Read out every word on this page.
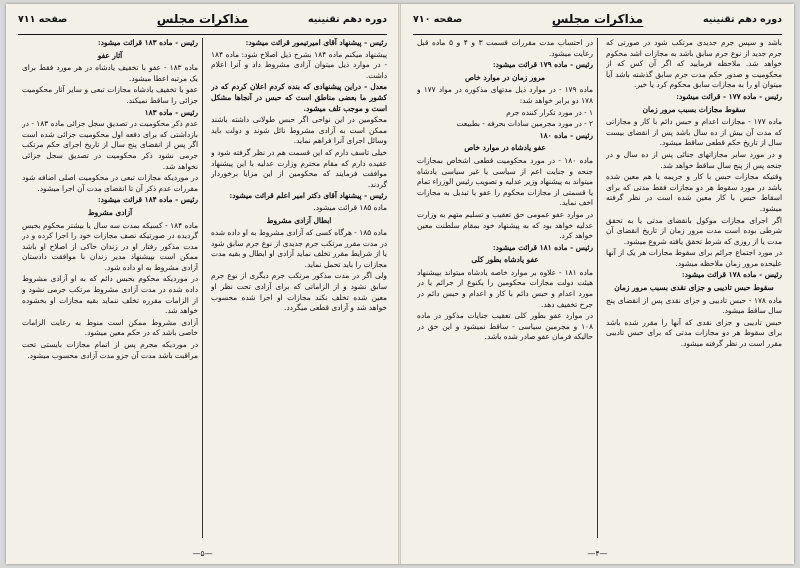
دوره دهم تقنینیه
مذاکرات مجلس
صفحه ۷۱۱

رئیس - پیشنهاد آقای امیرتیمور قرائت میشود:

پیشنهاد میکنم ماده ۱۸۴ بشرح ذیل اصلاح شود: ماده ۱۸۴ - در موارد ذیل میتوان آزادی مشروط داد و آنرا اعلام داشت.

معدل - دراین پیشنهادی که بنده کردم اعلان کردم که در کشور ما بعضی مناطق است که حبس در آنجاها مشکل است و موجب تلف میشود.

محکومین در این نواحی اگر حبس طولانی داشته باشند ممکن است به آزادی مشروط نائل شوند و دولت باید وسائل اجرای آنرا فراهم نماید.

خیلی تاسف دارم که این قسمت هم در نظر گرفته شود و عقیده دارم که مقام محترم وزارت عدلیه با این پیشنهاد موافقت فرمایند که محکومین از این مزایا برخوردار گردند.

رئیس - پیشنهاد آقای دکتر امیر اعلم قرائت میشود:

ماده ۱۸۵ قرائت میشود.

ابطال آزادی مشروط

ماده ۱۸۵ - هرگاه کسی که آزادی مشروط به او داده شده در مدت مقرر مرتکب جرم جدیدی از نوع جرم سابق شود یا از شرایط مقرر تخلف نماید آزادی او ابطال و بقیه مدت مجازات را باید تحمل نماید.

ولی اگر در مدت مذکور مرتکب جرم دیگری از نوع جرم سابق نشود و از الزاماتی که برای آزادی تحت نظر او معین شده تخلف نکند مجازات او اجرا شده محسوب خواهد شد و آزادی قطعی میگردد.

رئیس - ماده ۱۸۳ قرائت میشود:

آثار عفو

ماده ۱۸۳ - عفو با تخفیف یادشاه در هر مورد فقط برای یک مرتبه اعطا میشود.

عفو یا تخفیف یادشاه مجازات تبعی و سایر آثار محکومیت جزائی را ساقط نمیکند.

رئیس - ماده ۱۸۳

عدم ذکر محکومیت در تصدیق سجل جزائی ماده ۱۸۳ - در بازداشتی که برای دفعه اول محکومیت جزائی شده است اگر پس از انقضای پنج سال از تاریخ اجرای حکم مرتکب جرمی نشود ذکر محکومیت در تصدیق سجل جزائی نخواهد شد.

در موردیکه مجازات تبعی در محکومیت اصلی اضافه شود مقررات عدم ذکر آن تا انقضای مدت آن اجرا میشود.

رئیس - ماده ۱۸۴ قرائت میشود:

آزادی مشروط

ماده ۱۸۴ - کسیکه بمدت سه سال یا بیشتر محکوم بحبس گردیده در صورتیکه نصف مجازات خود را اجرا کرده و در مدت مذکور رفتار او در زندان حاکی از اصلاح او باشد ممکن است بپیشنهاد مدیر زندان با موافقت دادستان آزادی مشروط به او داده شود.

در موردیکه محکوم بحبس دائم که به او آزادی مشروط داده شده در مدت آزادی مشروط مرتکب جرمی نشود و از الزامات مقرره تخلف ننماید بقیه مجازات او بخشوده خواهد شد.

آزادی مشروط ممکن است منوط به رعایت الزامات خاصی باشد که در حکم معین میشود.

در موردیکه مجرم پس از اتمام مجازات بایستی تحت مراقبت باشد مدت آن جزو مدت آزادی محسوب میشود.

—۵—
دوره دهم تقنینیه
مذاکرات مجلس
صفحه ۷۱۰

باشد و سپس جرم جدیدی مرتکب شود در صورتی که جرم جدید از نوع جرم سابق باشد به مجازات اشد محکوم خواهد شد. ملاحظه فرمایید که اگر آن کس که از محکومیت و صدور حکم مدت جرم سابق گذشته باشد آیا میتوان او را به مجازات سابق محکوم کرد یا خیر.

رئیس - ماده ۱۷۷ - قرائت میشود:

سقوط مجازات بسبب مرور زمان

ماده ۱۷۷ - مجازات اعدام و حبس دائم با کار و مجازاتی که مدت آن بیش از ده سال باشد پس از انقضای بیست سال از تاریخ حکم قطعی ساقط میشود.

و در مورد سایر مجازاتهای جنائی پس از ده سال و در جنحه پس از پنج سال ساقط خواهد شد.

وقتیکه مجازات حبس با کار و جریمه یا هم معین شده باشد در مورد سقوط هر دو مجازات فقط مدتی که برای اسقاط حبس با کار معین شده است در نظر گرفته میشود.

اگر اجرای مجازات موکول بانقضای مدتی یا به تحقق شرطی بوده است مدت مرور زمان از تاریخ انقضای آن مدت یا از روزی که شرط تحقق یافته شروع میشود.

در مورد اجتماع جرائم برای سقوط مجازات هر یک از آنها علیحده مرور زمان ملاحظه میشود.

رئیس - ماده ۱۷۸ قرائت میشود:

سقوط حبس تادیبی و جزای نقدی بسبب مرور زمان

ماده ۱۷۸ - حبس تادیبی و جزای نقدی پس از انقضای پنج سال ساقط میشود.

حبس تادیبی و جزای نقدی که آنها را مقرر شده باشد برای سقوط هر دو مجازات مدتی که برای حبس تادیبی مقرر است در نظر گرفته میشود.

در احتساب مدت مقررات قسمت ۳ و ۴ و ۵ ماده قبل رعایت میشود.

رئیس - ماده ۱۷۹ قرائت میشود:

مرور زمان در موارد خاص

ماده ۱۷۹ - در موارد ذیل مدتهای مذکوره در مواد ۱۷۷ و ۱۷۸ دو برابر خواهد شد:

۱ - در مورد تکرار کننده جرم

۲ - در مورد مجرمین سادات بحرفه - بطبیعت

رئیس - ماده ۱۸۰

عفو یادشاه در موارد خاص

ماده ۱۸۰ - در مورد محکومیت قطعی اشخاص بمجازات جنحه و جنایت اعم از سیاسی یا غیر سیاسی یادشاه میتواند به پیشنهاد وزیر عدلیه و تصویب رئیس الوزراء تمام یا قسمتی از مجازات محکوم را عفو یا تبدیل به مجازات اخف نماید.

در موارد عفو عمومی حق تعقیب و تسلیم متهم به وزارت عدلیه خواهد بود که به پیشنهاد خود بمقام سلطنت معین خواهد کرد.

رئیس - ماده ۱۸۱ قرائت میشود:

عفو یادشاه بطور کلی

ماده ۱۸۱ - علاوه بر موارد خاصه یادشاه میتواند بپیشنهاد هیئت دولت مجازات محکومین را یکنوع از جرائم یا در مورد اعدام و حبس دائم با کار و اعدام و حبس دائم در جرح تخفیف دهد.

در موارد عفو بطور کلی تعقیب جنایات مذکور در ماده ۱۰۸ و مجرمین سیاسی - ساقط نمیشود و این حق در حالیکه فرمان عفو صادر شده باشد.

—۴—
